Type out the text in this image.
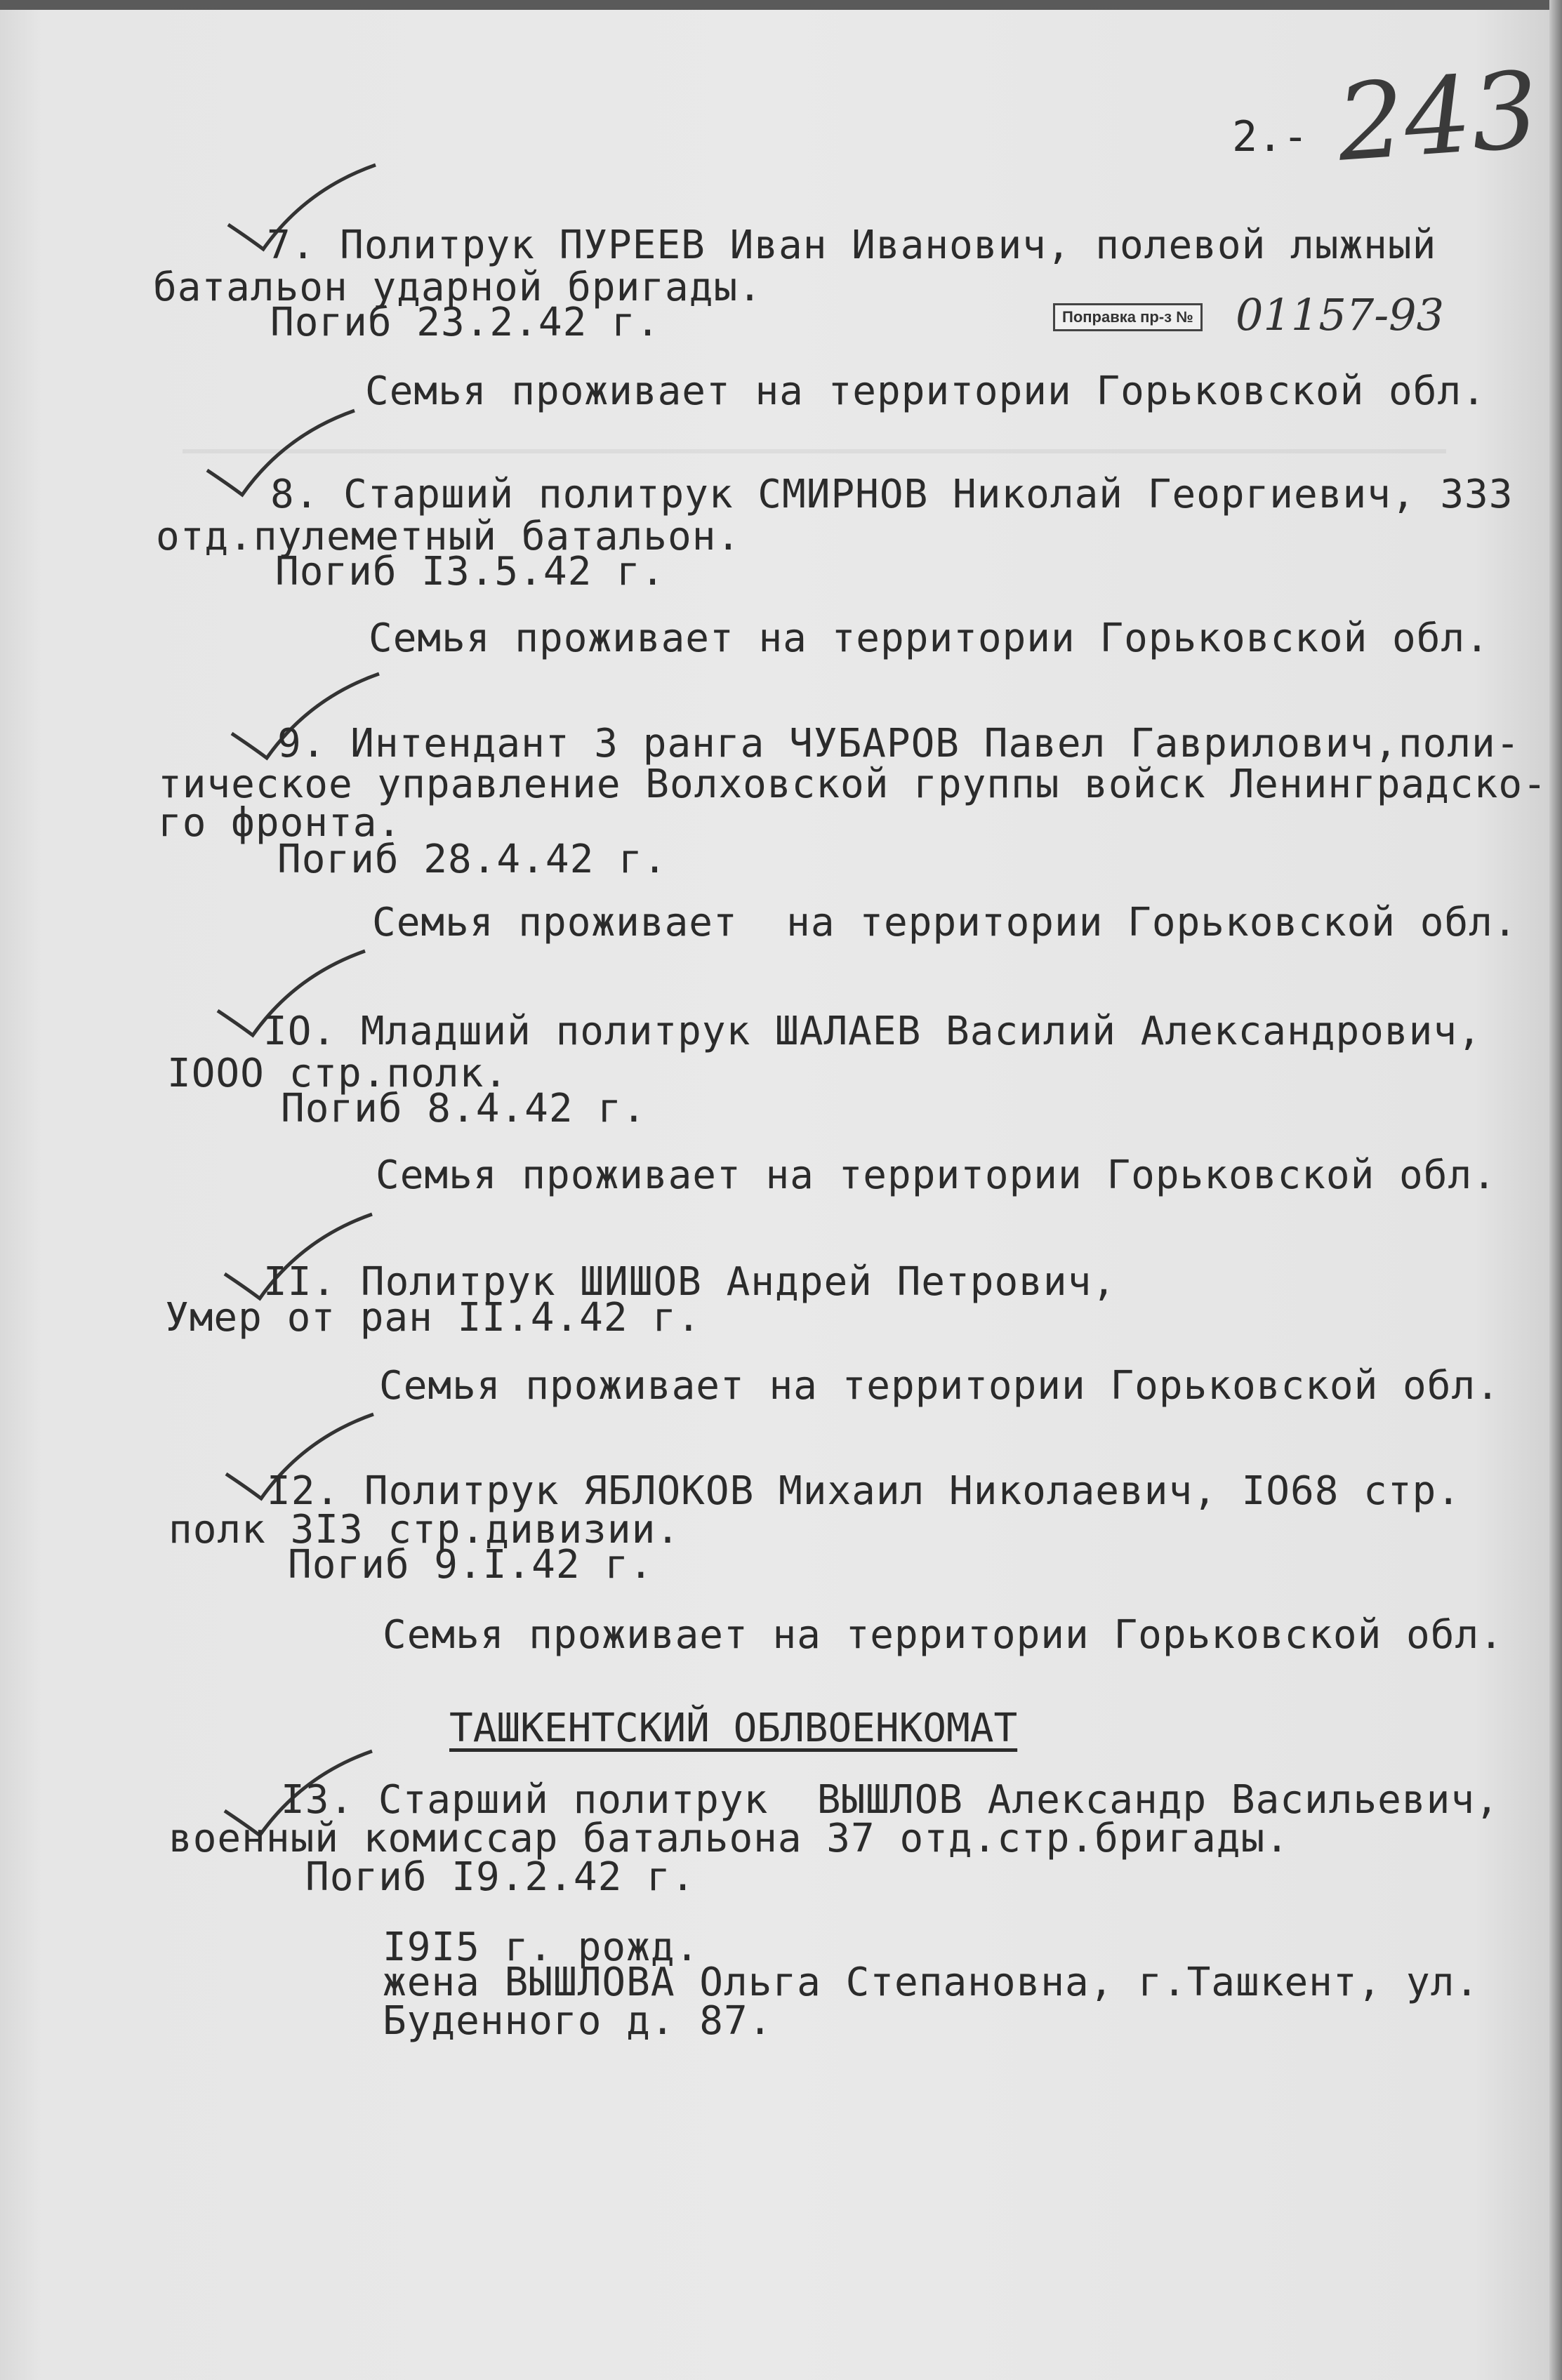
2.- 243
Поправка пр-з № 01157-93
7. Политрук ПУРЕЕВ Иван Иванович, полевой лыжный
батальон ударной бригады.
Погиб 23.2.42 г.
Семья проживает на территории Горьковской обл.
8. Старший политрук СМИРНОВ Николай Георгиевич, 333
отд.пулеметный батальон.
Погиб I3.5.42 г.
Семья проживает на территории Горьковской обл.
9. Интендант 3 ранга ЧУБАРОВ Павел Гаврилович,поли-
тическое управление Волховской группы войск Ленинградско-
го фронта.
Погиб 28.4.42 г.
Семья проживает  на территории Горьковской обл.
IO. Младший политрук ШАЛАЕВ Василий Александрович,
IOOO стр.полк.
Погиб 8.4.42 г.
Семья проживает на территории Горьковской обл.
II. Политрук ШИШОВ Андрей Петрович,
Умер от ран II.4.42 г.
Семья проживает на территории Горьковской обл.
I2. Политрук ЯБЛОКОВ Михаил Николаевич, IO68 стр.
полк 3I3 стр.дивизии.
Погиб 9.I.42 г.
Семья проживает на территории Горьковской обл.
ТАШКЕНТСКИЙ ОБЛВОЕНКОМАТ
I3. Старший политрук  ВЫШЛОВ Александр Васильевич,
военный комиссар батальона 37 отд.стр.бригады.
Погиб I9.2.42 г.
I9I5 г. рожд.
жена ВЫШЛОВА Ольга Степановна, г.Ташкент, ул.
Буденного д. 87.
